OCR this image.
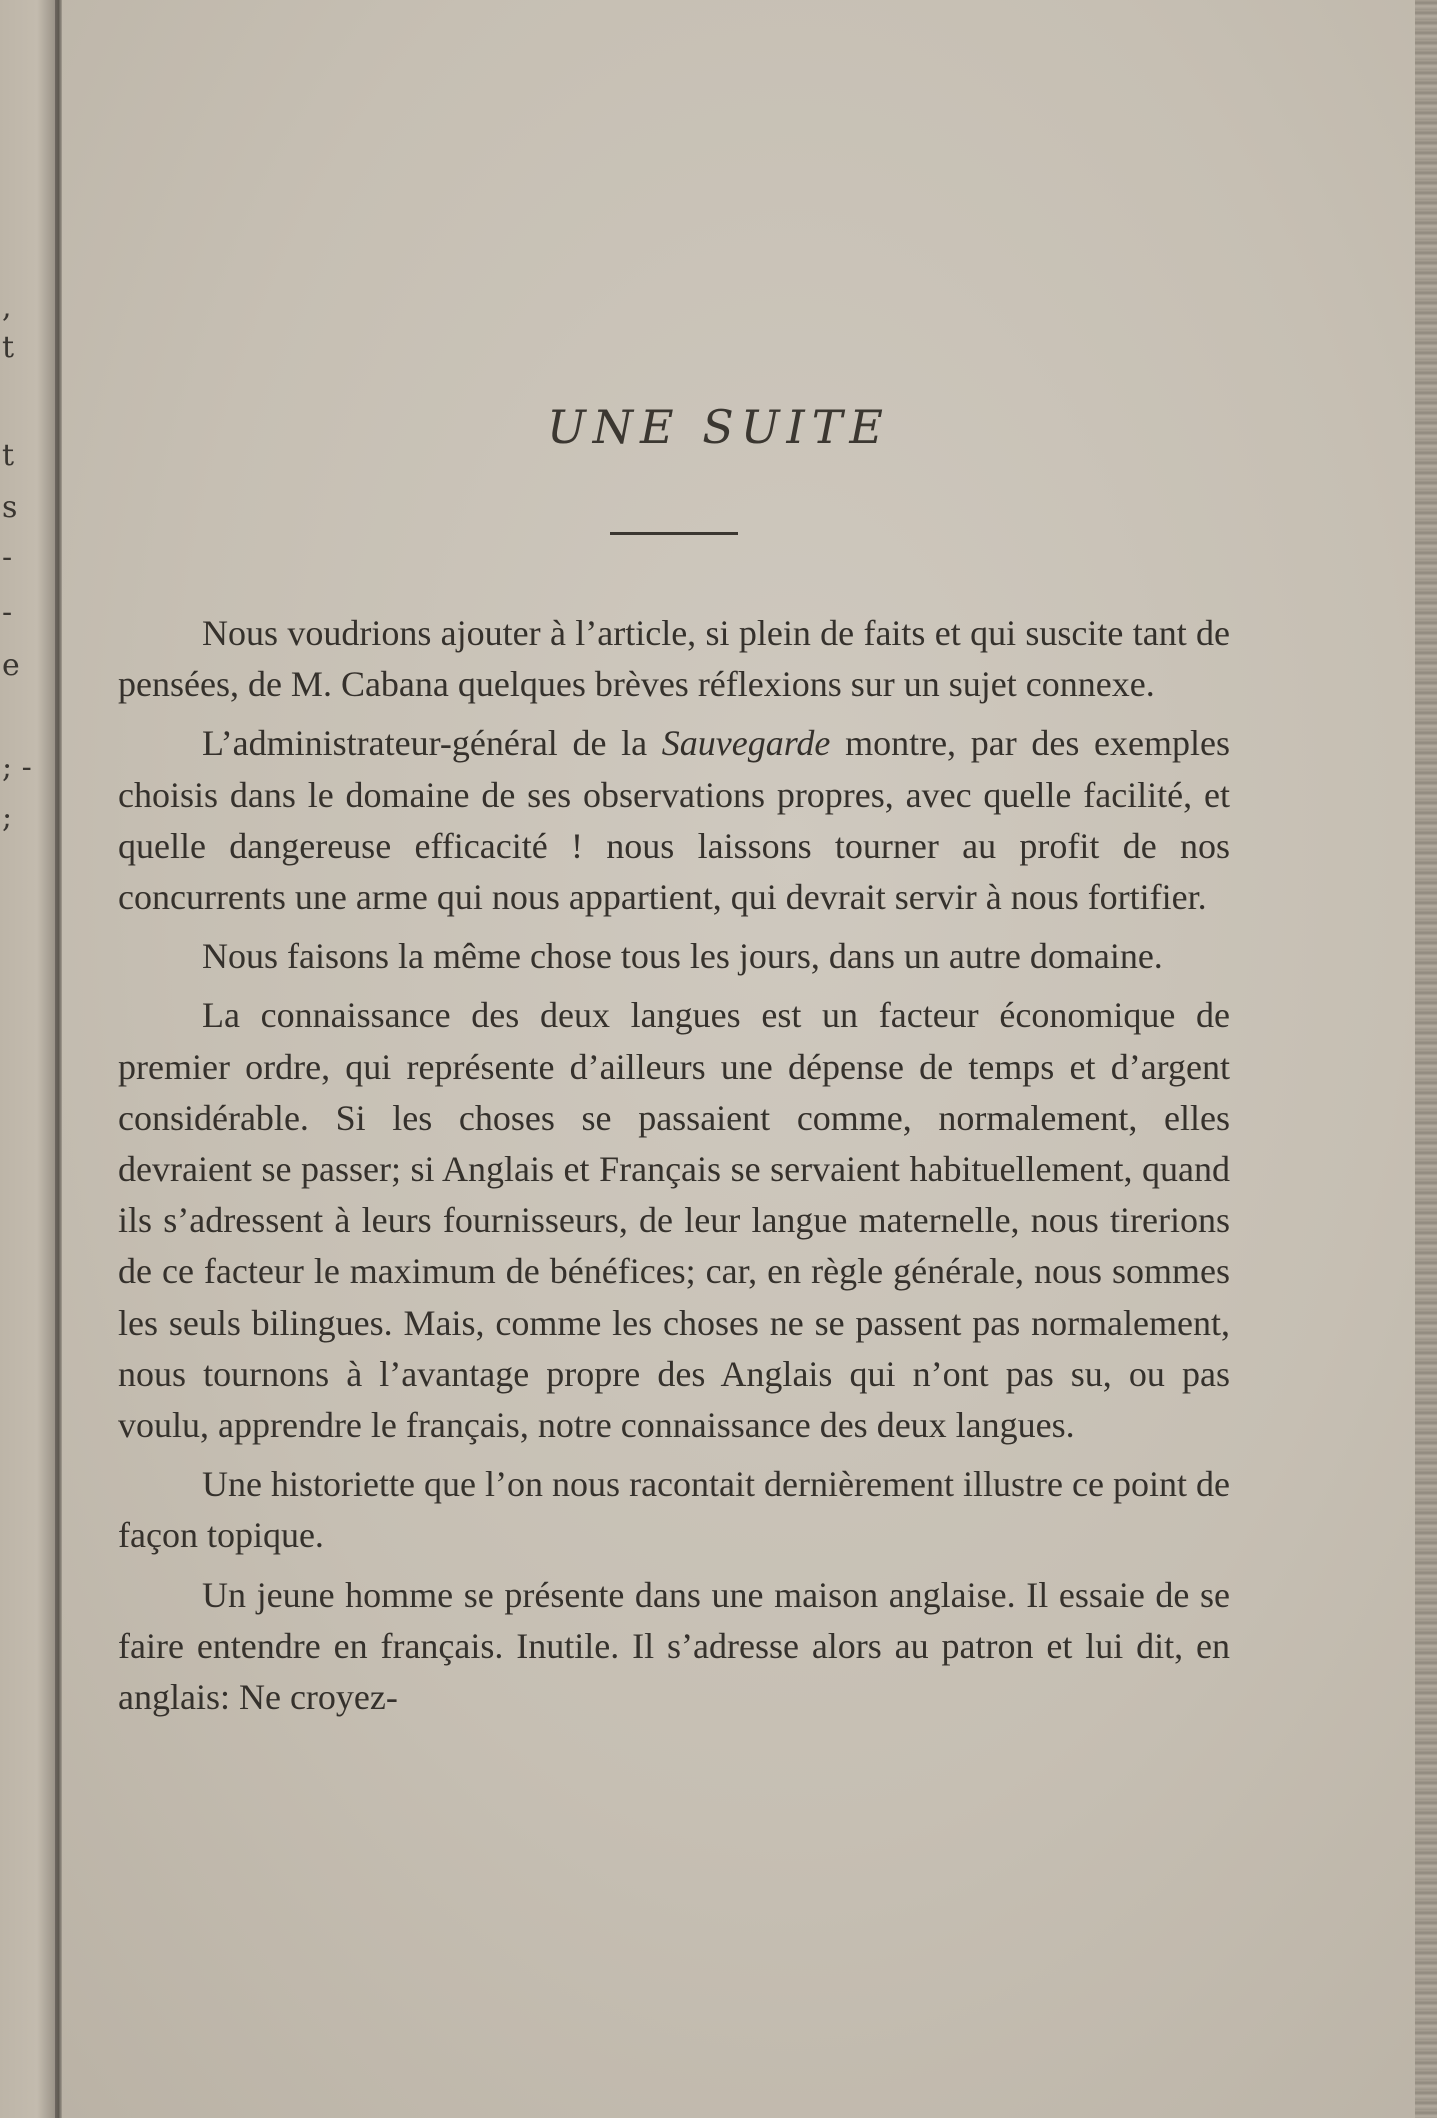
,
t
t
s
-
-
e
; -
;
UNE SUITE

Nous voudrions ajouter à l’article, si plein de faits et qui suscite tant de pensées, de M. Cabana quelques brèves réflexions sur un sujet connexe.

L’administrateur-général de la Sauvegarde montre, par des exemples choisis dans le domaine de ses observations propres, avec quelle facilité, et quelle dangereuse efficacité ! nous laissons tourner au profit de nos concurrents une arme qui nous appartient, qui devrait servir à nous fortifier.

Nous faisons la même chose tous les jours, dans un autre domaine.

La connaissance des deux langues est un facteur économique de premier ordre, qui représente d’ailleurs une dépense de temps et d’argent considérable. Si les choses se passaient comme, normalement, elles devraient se passer; si Anglais et Français se servaient habituellement, quand ils s’adressent à leurs fournisseurs, de leur langue maternelle, nous tirerions de ce facteur le maximum de bénéfices; car, en règle générale, nous sommes les seuls bilingues. Mais, comme les choses ne se passent pas normalement, nous tournons à l’avantage propre des Anglais qui n’ont pas su, ou pas voulu, apprendre le français, notre connaissance des deux langues.

Une historiette que l’on nous racontait dernièrement illustre ce point de façon topique.

Un jeune homme se présente dans une maison anglaise. Il essaie de se faire entendre en français. Inutile. Il s’adresse alors au patron et lui dit, en anglais: Ne croyez-
